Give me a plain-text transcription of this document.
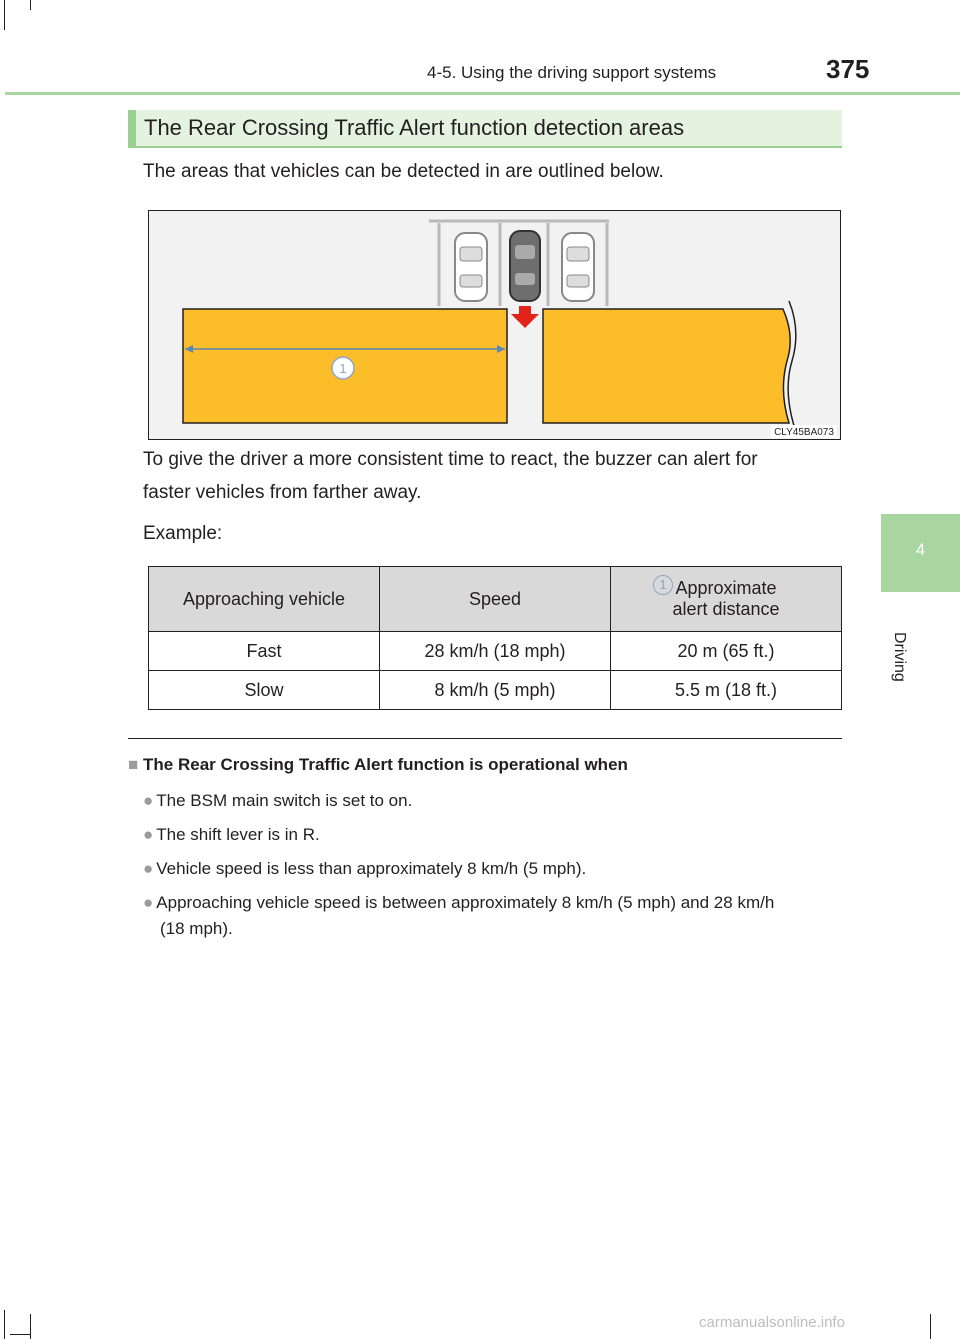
4-5. Using the driving support systems	375
4
Driving
The Rear Crossing Traffic Alert function detection areas
The areas that vehicles can be detected in are outlined below.
1
CLY45BA073
To give the driver a more consistent time to react, the buzzer can alert for
faster vehicles from farther away.
Example:
Approaching vehicle	Speed	1 Approximate
alert distance

Fast	28 km/h (18 mph)	20 m (65 ft.)
Slow	8 km/h (5 mph)	5.5 m (18 ft.)
■ The Rear Crossing Traffic Alert function is operational when
● The BSM main switch is set to on.
● The shift lever is in R.
● Vehicle speed is less than approximately 8 km/h (5 mph).
● Approaching vehicle speed is between approximately 8 km/h (5 mph) and 28 km/h
(18 mph).
carmanualsonline.info
